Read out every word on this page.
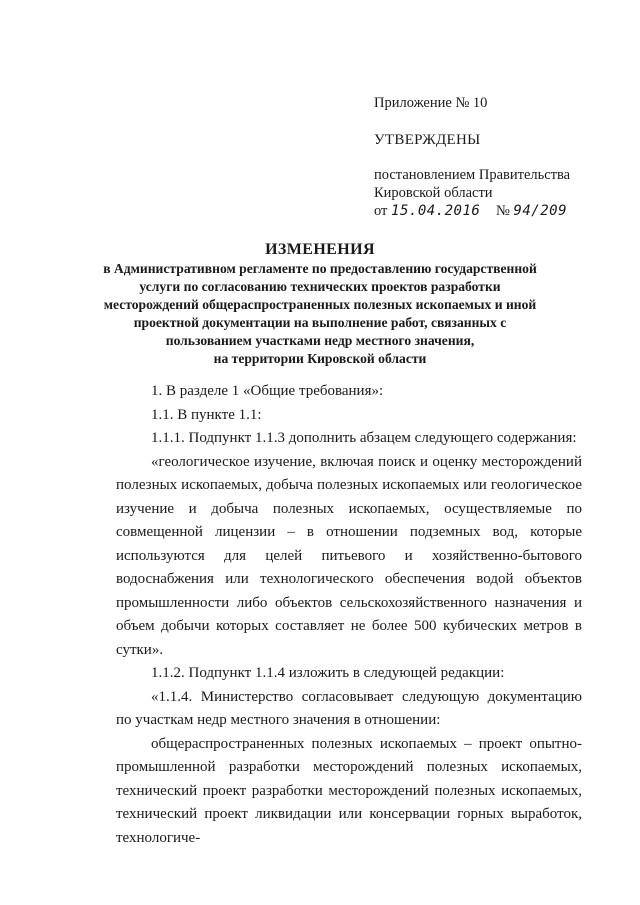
Приложение № 10

УТВЕРЖДЕНЫ

постановлением Правительства
Кировской области
от 15.04.2016 № 94/209

ИЗМЕНЕНИЯ

в Административном регламенте по предоставлению государственной

услуги по согласованию технических проектов разработки

месторождений общераспространенных полезных ископаемых и иной

проектной документации на выполнение работ, связанных с

пользованием участками недр местного значения,

на территории Кировской области

1. В разделе 1 «Общие требования»:

1.1. В пункте 1.1:

1.1.1. Подпункт 1.1.3 дополнить абзацем следующего содержания:

«геологическое изучение, включая поиск и оценку месторождений полезных ископаемых, добыча полезных ископаемых или геологическое изучение и добыча полезных ископаемых, осуществляемые по совмещенной лицензии – в отношении подземных вод, которые используются для целей питьевого и хозяйственно-бытового водоснабжения или технологического обеспечения водой объектов промышленности либо объектов сельскохозяйственного назначения и объем добычи которых составляет не более 500 кубических метров в сутки».

1.1.2. Подпункт 1.1.4 изложить в следующей редакции:

«1.1.4. Министерство согласовывает следующую документацию по участкам недр местного значения в отношении:

общераспространенных полезных ископаемых – проект опытно-промышленной разработки месторождений полезных ископаемых, технический проект разработки месторождений полезных ископаемых, технический проект ликвидации или консервации горных выработок, технологиче-
